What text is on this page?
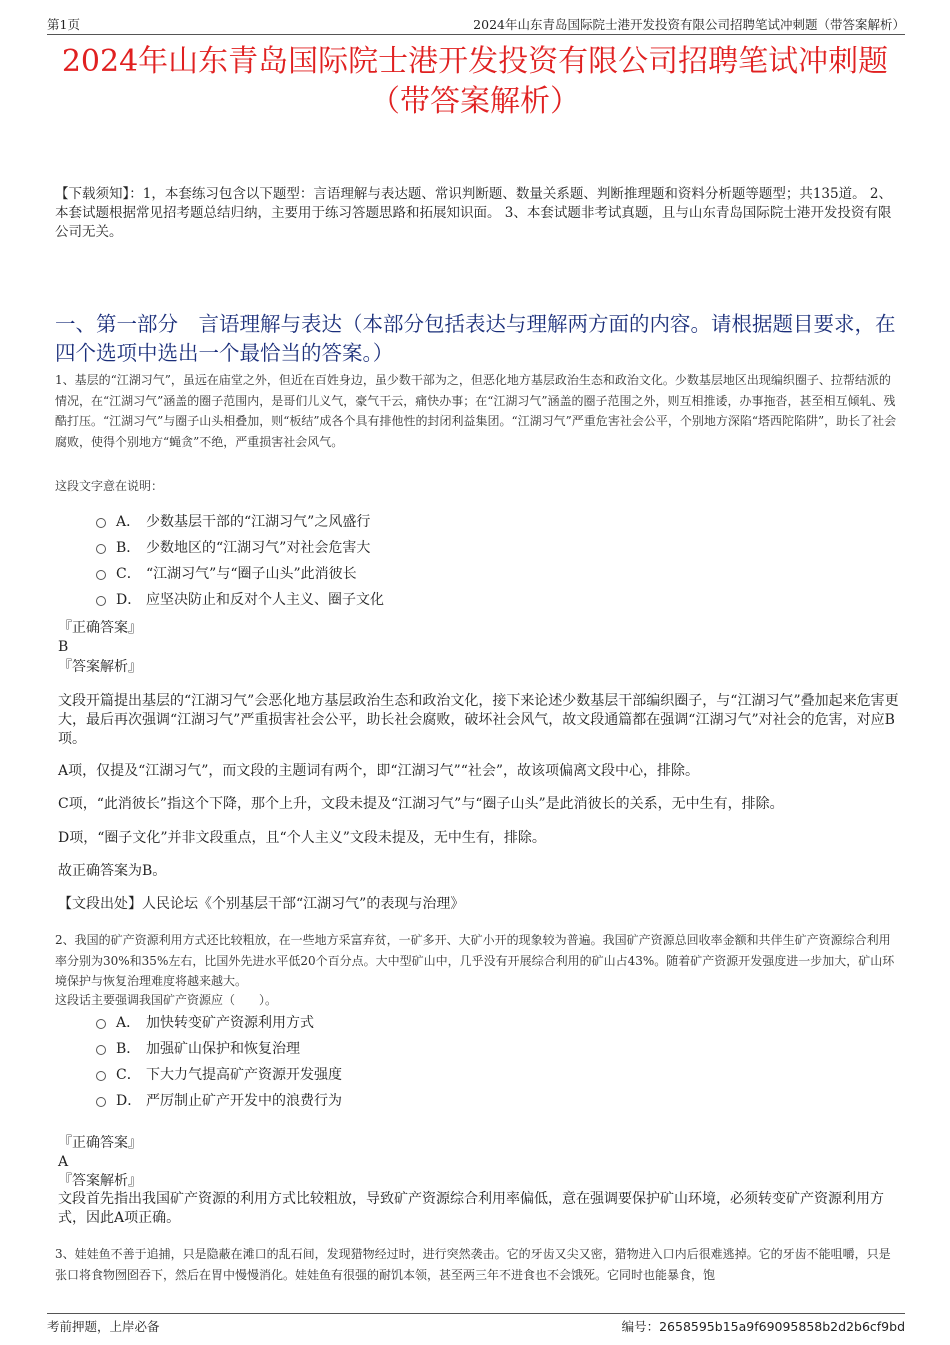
第1页	2024年山东青岛国际院士港开发投资有限公司招聘笔试冲刺题（带答案解析）
2024年山东青岛国际院士港开发投资有限公司招聘笔试冲刺题
（带答案解析）

【下载须知】：1，本套练习包含以下题型：言语理解与表达题、常识判断题、数量关系题、判断推理题和资料分析题等题型；共135道。 2、本套试题根据常见招考题总结归纳，主要用于练习答题思路和拓展知识面。 3、本套试题非考试真题，且与山东青岛国际院士港开发投资有限公司无关。

一、第一部分　言语理解与表达（本部分包括表达与理解两方面的内容。请根据题目要求，在四个选项中选出一个最恰当的答案。）

1、基层的“江湖习气”，虽远在庙堂之外，但近在百姓身边，虽少数干部为之，但恶化地方基层政治生态和政治文化。少数基层地区出现编织圈子、拉帮结派的情况，在“江湖习气”涵盖的圈子范围内，是哥们儿义气，豪气干云，痛快办事；在“江湖习气”涵盖的圈子范围之外，则互相推诿，办事拖沓，甚至相互倾轧、残酷打压。“江湖习气”与圈子山头相叠加，则“板结”成各个具有排他性的封闭利益集团。“江湖习气”严重危害社会公平，个别地方深陷“塔西陀陷阱”，助长了社会腐败，使得个别地方“蝇贪”不绝，严重损害社会风气。

这段文字意在说明：

A． 少数基层干部的“江湖习气”之风盛行
B． 少数地区的“江湖习气”对社会危害大
C． “江湖习气”与“圈子山头”此消彼长
D． 应坚决防止和反对个人主义、圈子文化
『正确答案』
B
『答案解析』

文段开篇提出基层的“江湖习气”会恶化地方基层政治生态和政治文化，接下来论述少数基层干部编织圈子，与“江湖习气”叠加起来危害更大，最后再次强调“江湖习气”严重损害社会公平，助长社会腐败，破坏社会风气，故文段通篇都在强调“江湖习气”对社会的危害，对应B项。

A项，仅提及“江湖习气”，而文段的主题词有两个，即“江湖习气”“社会”，故该项偏离文段中心，排除。

C项，“此消彼长”指这个下降，那个上升，文段未提及“江湖习气”与“圈子山头”是此消彼长的关系，无中生有，排除。

D项，“圈子文化”并非文段重点，且“个人主义”文段未提及，无中生有，排除。

故正确答案为B。

【文段出处】人民论坛《个别基层干部“江湖习气”的表现与治理》

2、我国的矿产资源利用方式还比较粗放，在一些地方采富弃贫，一矿多开、大矿小开的现象较为普遍。我国矿产资源总回收率金额和共伴生矿产资源综合利用率分别为30%和35%左右，比国外先进水平低20个百分点。大中型矿山中，几乎没有开展综合利用的矿山占43%。随着矿产资源开发强度进一步加大，矿山环境保护与恢复治理难度将越来越大。

这段话主要强调我国矿产资源应（　　）。

A． 加快转变矿产资源利用方式
B． 加强矿山保护和恢复治理
C． 下大力气提高矿产资源开发强度
D． 严厉制止矿产开发中的浪费行为
『正确答案』
A
『答案解析』

文段首先指出我国矿产资源的利用方式比较粗放，导致矿产资源综合利用率偏低，意在强调要保护矿山环境，必须转变矿产资源利用方式，因此A项正确。

3、娃娃鱼不善于追捕，只是隐蔽在滩口的乱石间，发现猎物经过时，进行突然袭击。它的牙齿又尖又密，猎物进入口内后很难逃掉。它的牙齿不能咀嚼，只是张口将食物囫囵吞下，然后在胃中慢慢消化。娃娃鱼有很强的耐饥本领，甚至两三年不进食也不会饿死。它同时也能暴食，饱

考前押题，上岸必备	编号：2658595b15a9f69095858b2d2b6cf9bd
